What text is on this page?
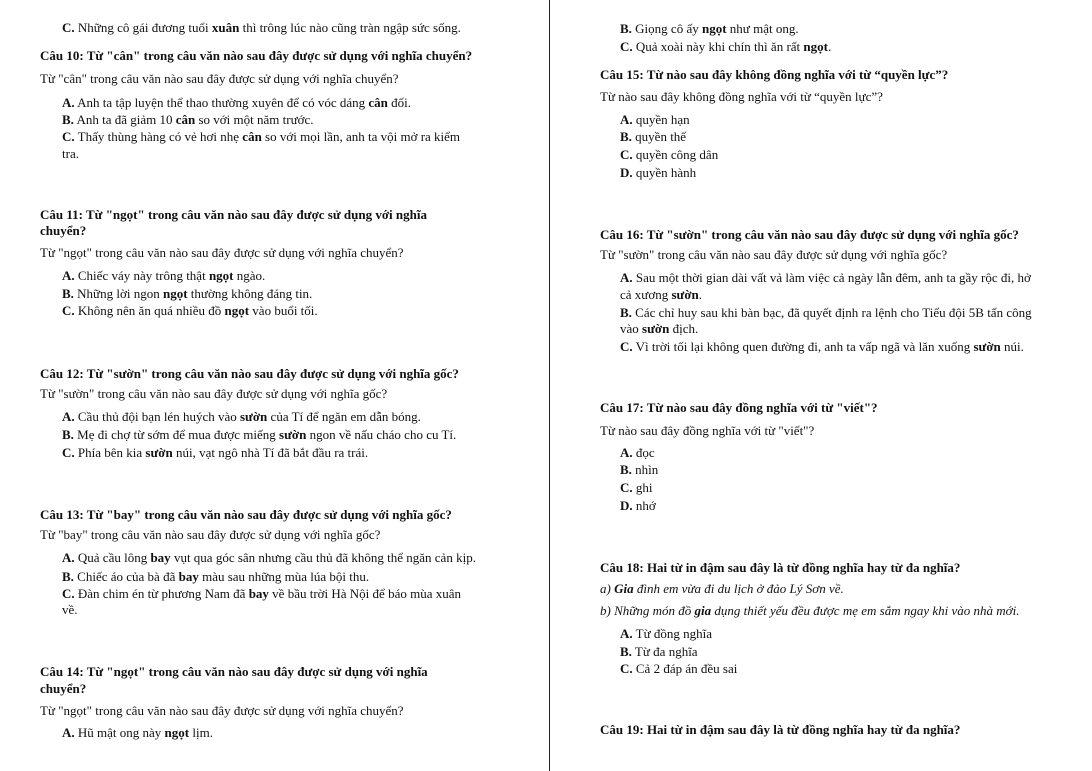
C. Những cô gái đương tuổi xuân thì trông lúc nào cũng tràn ngập sức sống.
Câu 10: Từ "cân" trong câu văn nào sau đây được sử dụng với nghĩa chuyển?
Từ "cân" trong câu văn nào sau đây được sử dụng với nghĩa chuyển?
A. Anh ta tập luyện thể thao thường xuyên để có vóc dáng cân đối.
B. Anh ta đã giảm 10 cân so với một năm trước.
C. Thấy thùng hàng có vẻ hơi nhẹ cân so với mọi lần, anh ta vội mở ra kiểm
tra.
Câu 11: Từ "ngọt" trong câu văn nào sau đây được sử dụng với nghĩa
chuyển?
Từ "ngọt" trong câu văn nào sau đây được sử dụng với nghĩa chuyển?
A. Chiếc váy này trông thật ngọt ngào.
B. Những lời ngon ngọt thường không đáng tin.
C. Không nên ăn quá nhiều đồ ngọt vào buổi tối.
Câu 12: Từ "sườn" trong câu văn nào sau đây được sử dụng với nghĩa gốc?
Từ "sườn" trong câu văn nào sau đây được sử dụng với nghĩa gốc?
A. Cầu thủ đội bạn lén huých vào sườn của Tí để ngăn em dẫn bóng.
B. Mẹ đi chợ từ sớm để mua được miếng sườn ngon về nấu cháo cho cu Tí.
C. Phía bên kia sườn núi, vạt ngô nhà Tí đã bắt đầu ra trái.
Câu 13: Từ "bay" trong câu văn nào sau đây được sử dụng với nghĩa gốc?
Từ "bay" trong câu văn nào sau đây được sử dụng với nghĩa gốc?
A. Quả cầu lông bay vụt qua góc sân nhưng cầu thủ đã không thể ngăn cản kịp.
B. Chiếc áo của bà đã bay màu sau những mùa lúa bội thu.
C. Đàn chim én từ phương Nam đã bay về bầu trời Hà Nội để báo mùa xuân
về.
Câu 14: Từ "ngọt" trong câu văn nào sau đây được sử dụng với nghĩa
chuyển?
Từ "ngọt" trong câu văn nào sau đây được sử dụng với nghĩa chuyển?
A. Hũ mật ong này ngọt lịm.
B. Giọng cô ấy ngọt như mật ong.
C. Quả xoài này khi chín thì ăn rất ngọt.
Câu 15: Từ nào sau đây không đồng nghĩa với từ “quyền lực”?
Từ nào sau đây không đồng nghĩa với từ “quyền lực”?
A. quyền hạn
B. quyền thế
C. quyền công dân
D. quyền hành
Câu 16: Từ "sườn" trong câu văn nào sau đây được sử dụng với nghĩa gốc?
Từ "sườn" trong câu văn nào sau đây được sử dụng với nghĩa gốc?
A. Sau một thời gian dài vất vả làm việc cả ngày lẫn đêm, anh ta gầy rộc đi, hở
cả xương sườn.
B. Các chỉ huy sau khi bàn bạc, đã quyết định ra lệnh cho Tiểu đội 5B tấn công
vào sườn địch.
C. Vì trời tối lại không quen đường đi, anh ta vấp ngã và lăn xuống sườn núi.
Câu 17: Từ nào sau đây đồng nghĩa với từ "viết"?
Từ nào sau đây đồng nghĩa với từ "viết"?
A. đọc
B. nhìn
C. ghi
D. nhớ
Câu 18: Hai từ in đậm sau đây là từ đồng nghĩa hay từ đa nghĩa?
a) Gia đình em vừa đi du lịch ở đảo Lý Sơn về.
b) Những món đồ gia dụng thiết yếu đều được mẹ em sắm ngay khi vào nhà mới.
A. Từ đồng nghĩa
B. Từ đa nghĩa
C. Cả 2 đáp án đều sai
Câu 19: Hai từ in đậm sau đây là từ đồng nghĩa hay từ đa nghĩa?
